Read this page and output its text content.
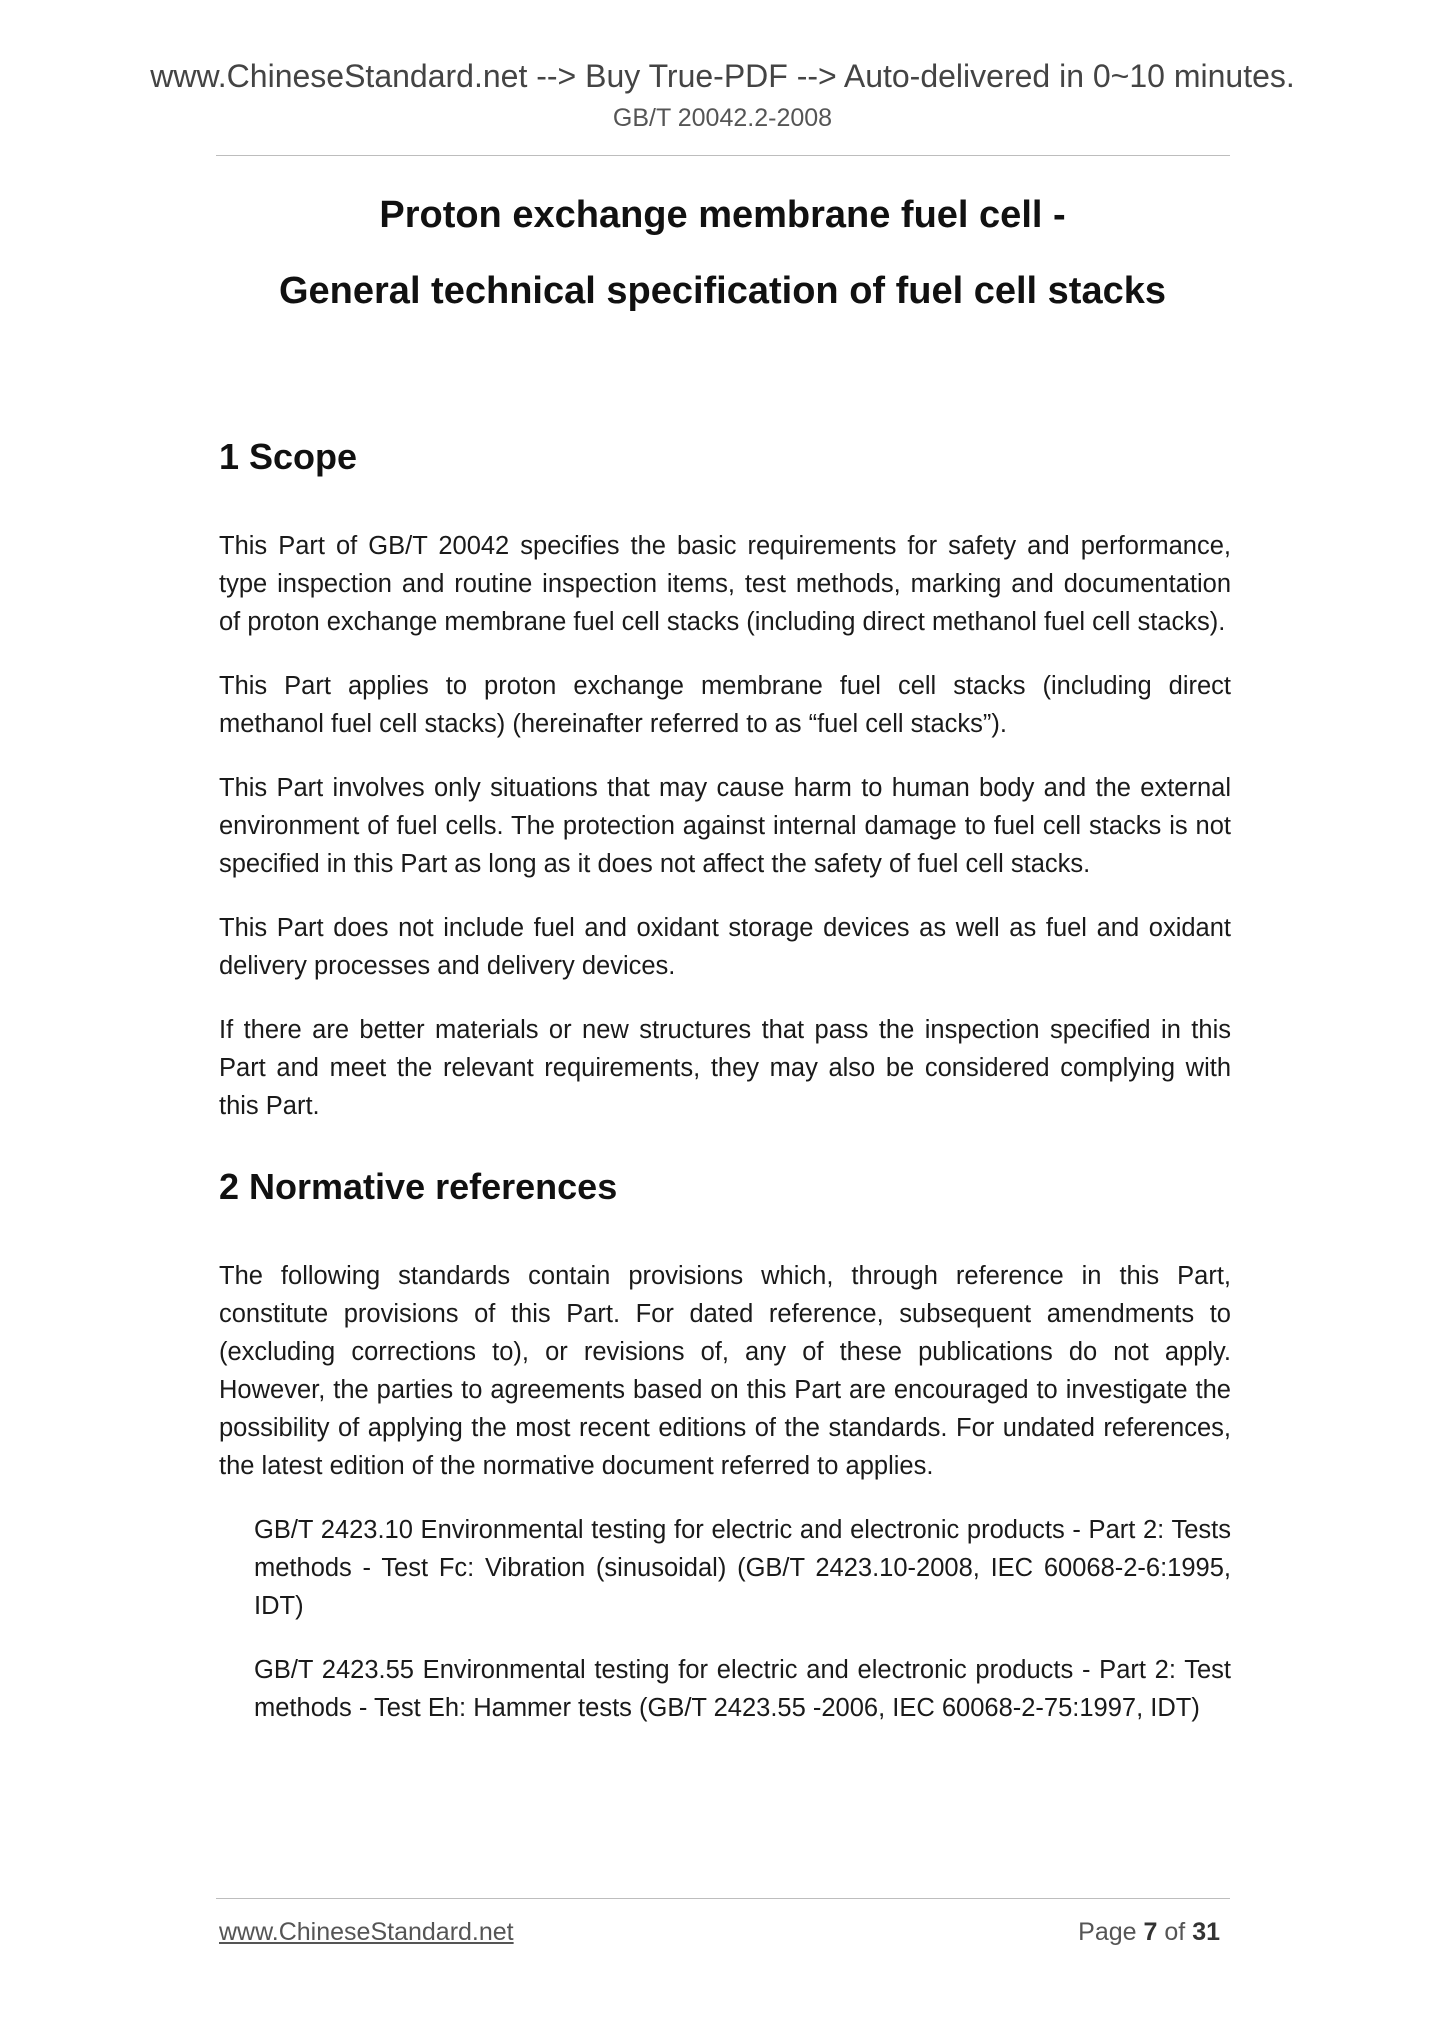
www.ChineseStandard.net --> Buy True-PDF --> Auto-delivered in 0~10 minutes.
GB/T 20042.2-2008
Proton exchange membrane fuel cell -
General technical specification of fuel cell stacks
1 Scope

This Part of GB/T 20042 specifies the basic requirements for safety and performance, type inspection and routine inspection items, test methods, marking and documentation of proton exchange membrane fuel cell stacks (including direct methanol fuel cell stacks).

This Part applies to proton exchange membrane fuel cell stacks (including direct methanol fuel cell stacks) (hereinafter referred to as “fuel cell stacks”).

This Part involves only situations that may cause harm to human body and the external environment of fuel cells. The protection against internal damage to fuel cell stacks is not specified in this Part as long as it does not affect the safety of fuel cell stacks.

This Part does not include fuel and oxidant storage devices as well as fuel and oxidant delivery processes and delivery devices.

If there are better materials or new structures that pass the inspection specified in this Part and meet the relevant requirements, they may also be considered complying with this Part.

2 Normative references

The following standards contain provisions which, through reference in this Part, constitute provisions of this Part. For dated reference, subsequent amendments to (excluding corrections to), or revisions of, any of these publications do not apply. However, the parties to agreements based on this Part are encouraged to investigate the possibility of applying the most recent editions of the standards. For undated references, the latest edition of the normative document referred to applies.

GB/T 2423.10 Environmental testing for electric and electronic products - Part 2: Tests methods - Test Fc: Vibration (sinusoidal) (GB/T 2423.10-2008, IEC 60068-2-6:1995, IDT)

GB/T 2423.55 Environmental testing for electric and electronic products - Part 2: Test methods - Test Eh: Hammer tests (GB/T 2423.55 -2006, IEC 60068-2-75:1997, IDT)

www.ChineseStandard.net	Page 7 of 31
